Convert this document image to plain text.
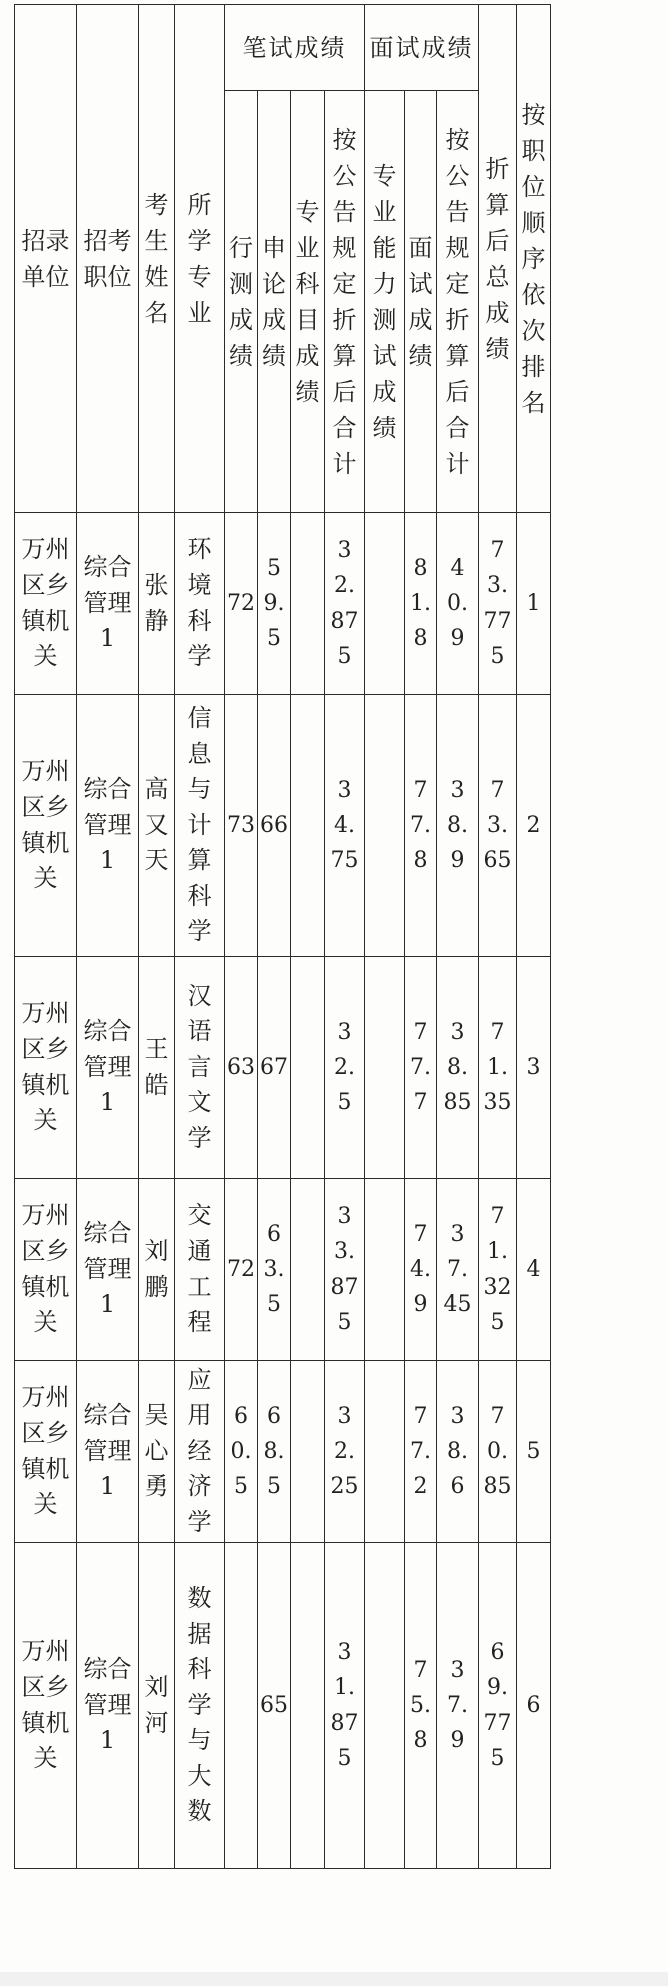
招录单位	招考职位	考生姓名	所学专业	笔试成绩				面试成绩			折算后总成绩	按职位顺序依次排名

				行测成绩	申论成绩	专业科目成绩	按公告规定折算后合计	专业能力测试成绩	面试成绩	按公告规定折算后合计		

万州区乡镇机关	综合管理1	张静	环境科学	72	59.5		32.875		81.8	40.9	73.775	1

万州区乡镇机关	综合管理1	高又天	信息与计算科学	73	66		34.75		77.8	38.9	73.65	2

万州区乡镇机关	综合管理1	王皓	汉语言文学	63	67		32.5		77.7	38.85	71.35	3

万州区乡镇机关	综合管理1	刘鹏	交通工程	72	63.5		33.875		74.9	37.45	71.325	4

万州区乡镇机关	综合管理1	吴心勇	应用经济学	60.5	68.5		32.25		77.2	38.6	70.85	5

万州区乡镇机关	综合管理1	刘河	数据科学与大数		65		31.875		75.8	37.9	69.775	6
